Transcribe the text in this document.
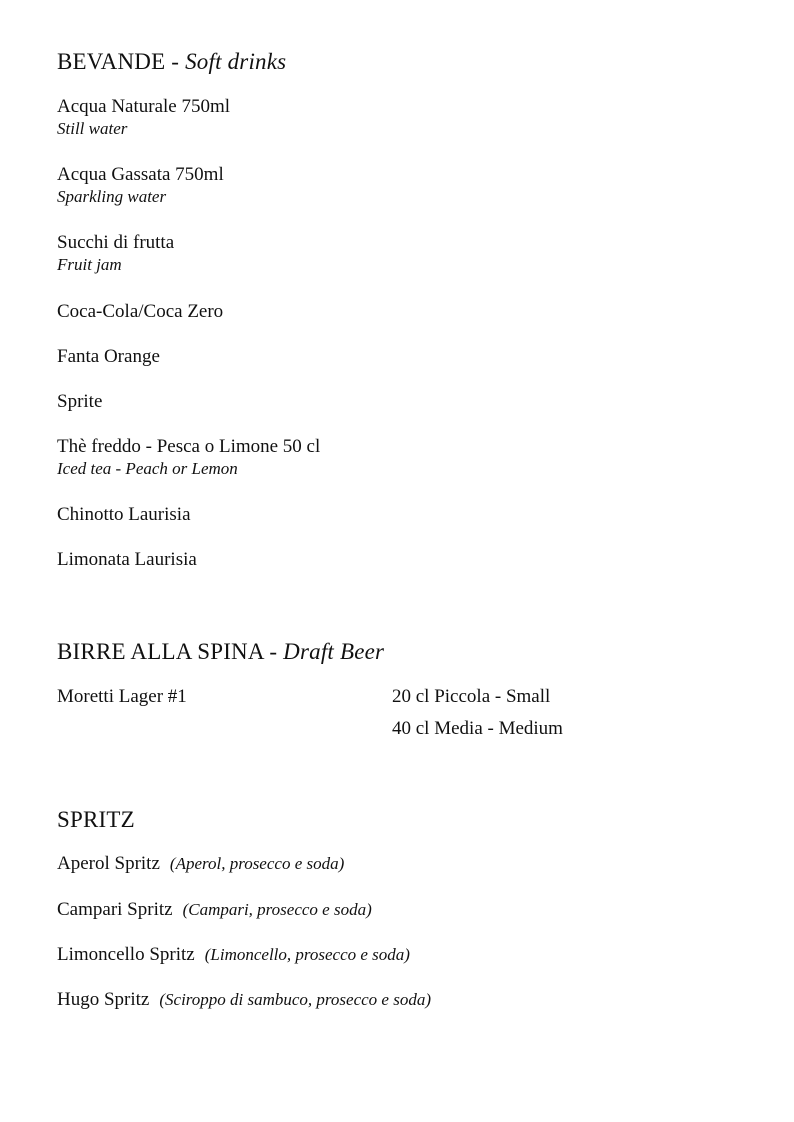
BEVANDE - Soft drinks
Acqua Naturale 750ml
Still water
Acqua Gassata 750ml
Sparkling water
Succhi di frutta
Fruit jam
Coca-Cola/Coca Zero
Fanta Orange
Sprite
Thè freddo - Pesca o Limone 50 cl
Iced tea - Peach or Lemon
Chinotto Laurisia
Limonata Laurisia
BIRRE ALLA SPINA - Draft Beer
Moretti Lager #1	20 cl Piccola - Small
40 cl Media - Medium
SPRITZ
Aperol Spritz (Aperol, prosecco e soda)
Campari Spritz (Campari, prosecco e soda)
Limoncello Spritz (Limoncello, prosecco e soda)
Hugo Spritz (Sciroppo di sambuco, prosecco e soda)
